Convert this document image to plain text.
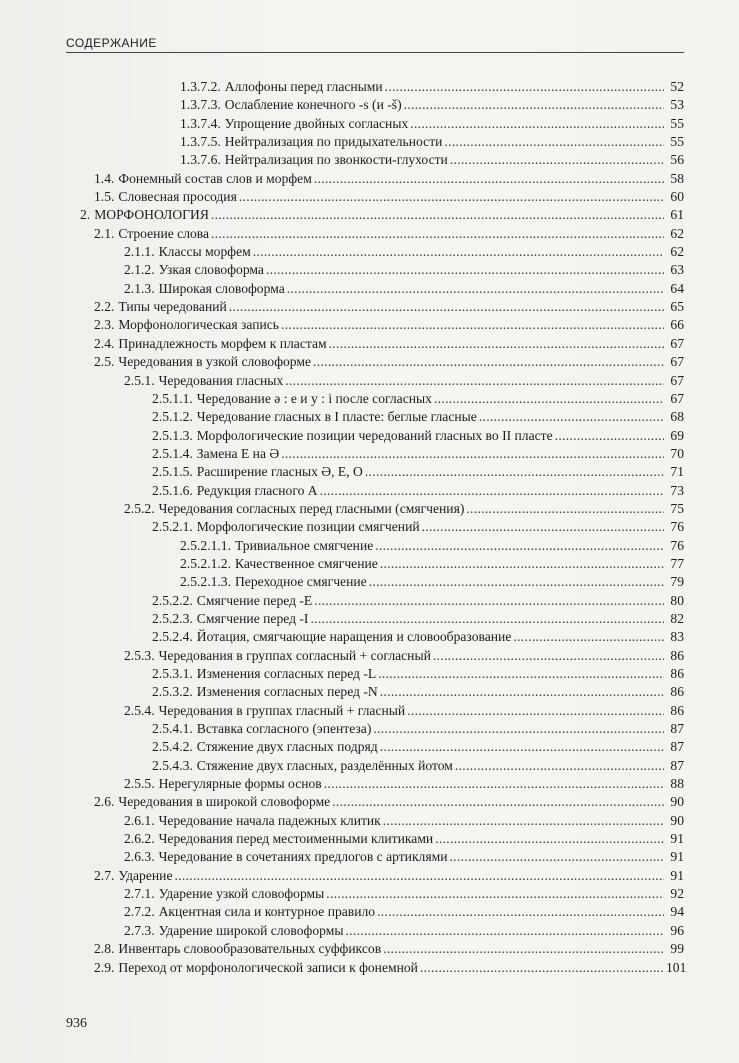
СОДЕРЖАНИЕ
1.3.7.2. Аллофоны перед гласными .....	52
1.3.7.3. Ослабление конечного -s (и -š) .....	53
1.3.7.4. Упрощение двойных согласных .....	55
1.3.7.5. Нейтрализация по придыхательности .....	55
1.3.7.6. Нейтрализация по звонкости-глухости .....	56
1.4. Фонемный состав слов и морфем .....	58
1.5. Словесная просодия .....	60
2. МОРФОНОЛОГИЯ .....	61
2.1. Строение слова .....	62
2.1.1. Классы морфем .....	62
2.1.2. Узкая словоформа .....	63
2.1.3. Широкая словоформа .....	64
2.2. Типы чередований .....	65
2.3. Морфонологическая запись .....	66
2.4. Принадлежность морфем к пластам .....	67
2.5. Чередования в узкой словоформе .....	67
2.5.1. Чередования гласных .....	67
2.5.1.1. Чередование ə : e и y : i после согласных .....	67
2.5.1.2. Чередование гласных в I пласте: беглые гласные .....	68
2.5.1.3. Морфологические позиции чередований гласных во II пласте .....	69
2.5.1.4. Замена E на Ə .....	70
2.5.1.5. Расширение гласных Ə, E, O .....	71
2.5.1.6. Редукция гласного A .....	73
2.5.2. Чередования согласных перед гласными (смягчения) .....	75
2.5.2.1. Морфологические позиции смягчений .....	76
2.5.2.1.1. Тривиальное смягчение .....	76
2.5.2.1.2. Качественное смягчение .....	77
2.5.2.1.3. Переходное смягчение .....	79
2.5.2.2. Смягчение перед -E .....	80
2.5.2.3. Смягчение перед -I .....	82
2.5.2.4. Йотация, смягчающие наращения и словообразование .....	83
2.5.3. Чередования в группах согласный + согласный .....	86
2.5.3.1. Изменения согласных перед -L .....	86
2.5.3.2. Изменения согласных перед -N .....	86
2.5.4. Чередования в группах гласный + гласный .....	86
2.5.4.1. Вставка согласного (эпентеза) .....	87
2.5.4.2. Стяжение двух гласных подряд .....	87
2.5.4.3. Стяжение двух гласных, разделённых йотом .....	87
2.5.5. Нерегулярные формы основ .....	88
2.6. Чередования в широкой словоформе .....	90
2.6.1. Чередование начала падежных клитик .....	90
2.6.2. Чередования перед местоименными клитиками .....	91
2.6.3. Чередование в сочетаниях предлогов с артиклями .....	91
2.7. Ударение .....	91
2.7.1. Ударение узкой словоформы .....	92
2.7.2. Акцентная сила и контурное правило .....	94
2.7.3. Ударение широкой словоформы .....	96
2.8. Инвентарь словообразовательных суффиксов .....	99
2.9. Переход от морфонологической записи к фонемной .....	101
936
